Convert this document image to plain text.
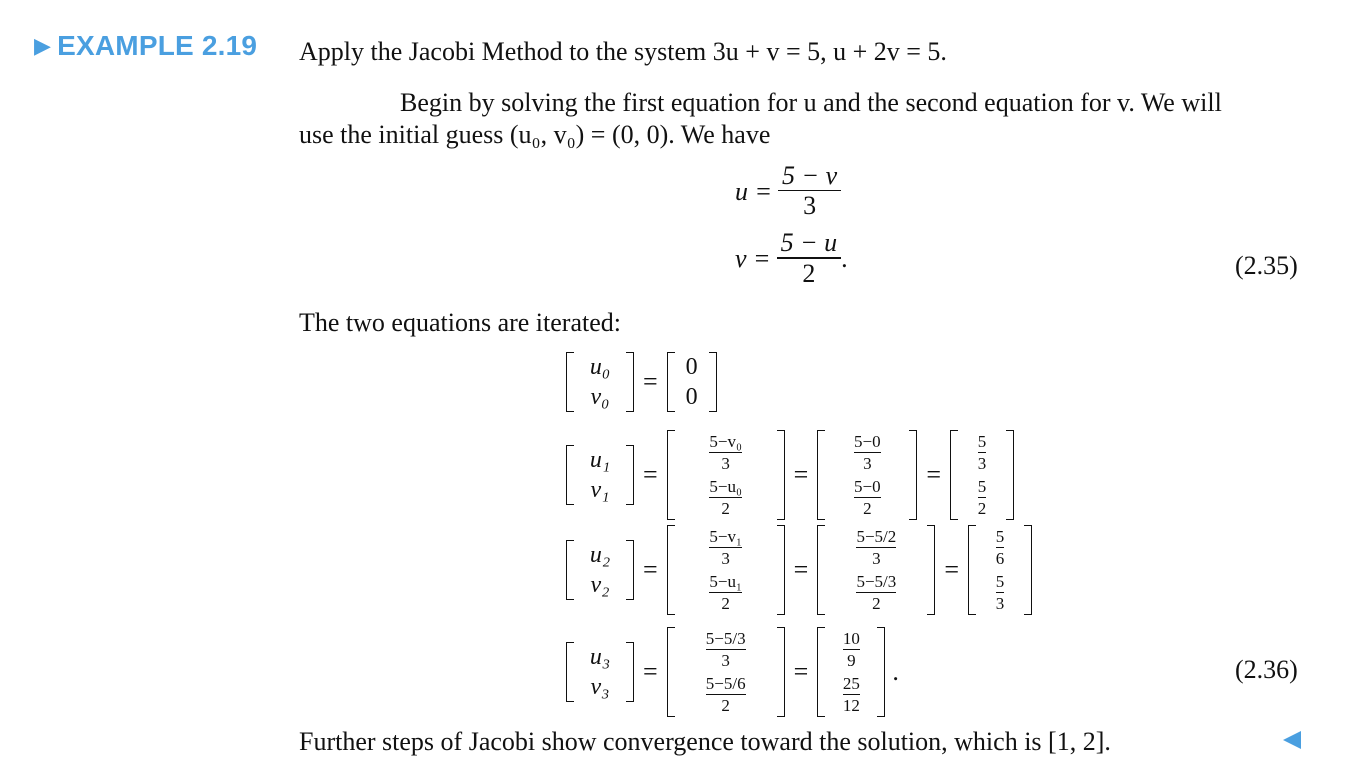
▶ EXAMPLE 2.19 Apply the Jacobi Method to the system 3u + v = 5, u + 2v = 5.
Begin by solving the first equation for u and the second equation for v. We will
use the initial guess (u₀, v₀) = (0, 0). We have
$u = \frac{5 - v}{3}$
$v = \frac{5 - u}{2}$ .	(2.35)
The two equations are iterated:
u₀
v₀
= 0
0
u₁
v₁
=
5−v₀
3
5−u₀
2
=
5−0
3
5−0
2
=
5
3
5
2
u₂
v₂
=
5−v₁
3
5−u₁
2
=
5−5/2
3
5−5/3
2
=
5
6
5
3
u₃
v₃
=
5−5/3
3
5−5/6
2
=
10
9
25
12
.	(2.36)
Further steps of Jacobi show convergence toward the solution, which is [1, 2].
